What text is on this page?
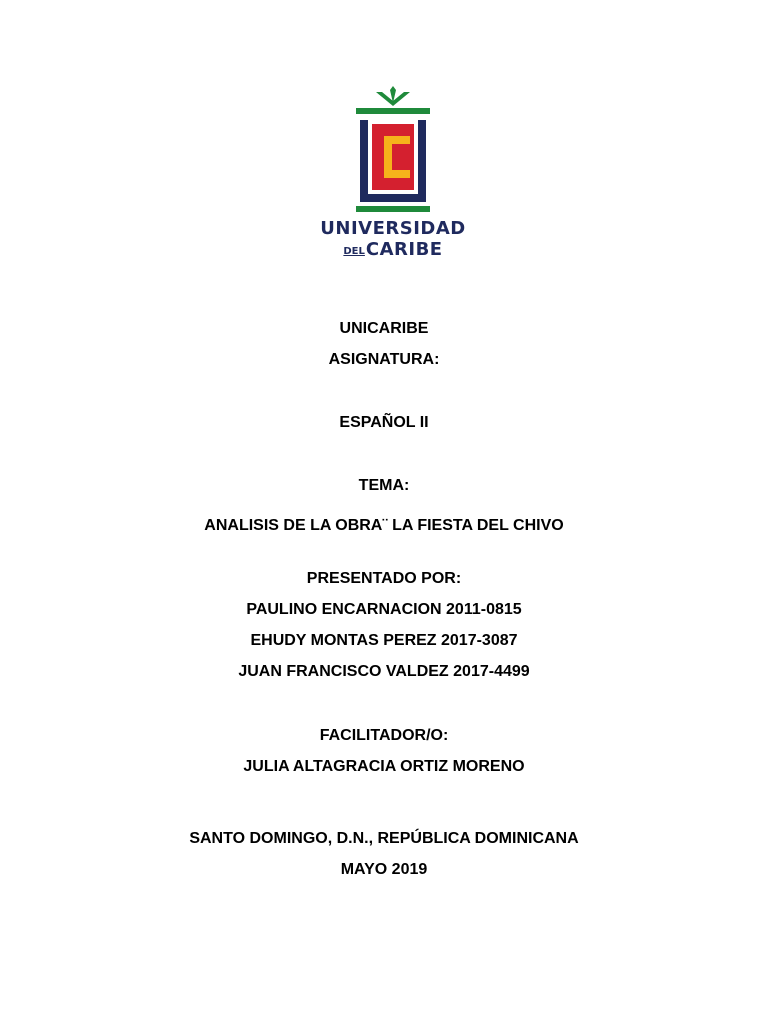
UNIVERSIDAD
DELCARIBE
UNICARIBE
ASIGNATURA:
ESPAÑOL II
TEMA:
ANALISIS DE LA OBRA¨ LA FIESTA DEL CHIVO
PRESENTADO POR:
PAULINO ENCARNACION 2011-0815
EHUDY MONTAS PEREZ 2017-3087
JUAN FRANCISCO VALDEZ 2017-4499
FACILITADOR/O:
JULIA ALTAGRACIA ORTIZ MORENO
SANTO DOMINGO, D.N., REPÚBLICA DOMINICANA
MAYO 2019
